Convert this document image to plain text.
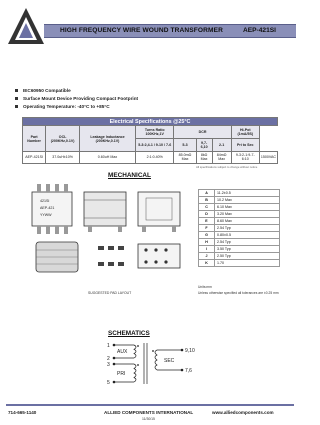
HIGH FREQUENCY WIRE WOUND TRANSFORMER	AEP-421SI
IEC60950 Compatible
Surface Mount Device Providing Compact Footprint
Operating Temperature: -40°C to +85°C
Electrical Specifications @25°C								
Part Number	OCL (200KHz,0.1V)	Leakage Inductance (200KHz,0.1V)	Turns Ratio 100KHz,1V	DCR			Hi-Pot (1mA/5S)	
			5-3:2,4-1 / 9-10 / 7-6	5-3	9,7-6,10	2-1	Pri to Sec	
AEP-421SI	37.0uH±10%	0.60uH Max	2:1:0.40%	85.0mΩ Max	8kΩ Max	84mΩ Max	9-3:2-1:9-7-6:10	1500VAC
All specifications subject to change without notice
MECHANICAL
421SI
AEP-421
YYWW
SUGGESTED PAD LAYOUT
A	11.2±0.5
B	10.2 Max
C	6.10 Max
D	3.20 Max
E	8.60 Max
F	2.54 Typ
G	0.80±0.5
H	2.54 Typ
I	3.50 Typ
J	2.50 Typ
K	1.70
Units:mm
Unless otherwise specified all tolerances are ±0.25 mm
SCHEMATICS
1
AUX
2
3
PRI
5
9,10
SEC
7,6
714-665-1140	ALLIED COMPONENTS INTERNATIONAL	www.alliedcomponents.com
11/30/15
